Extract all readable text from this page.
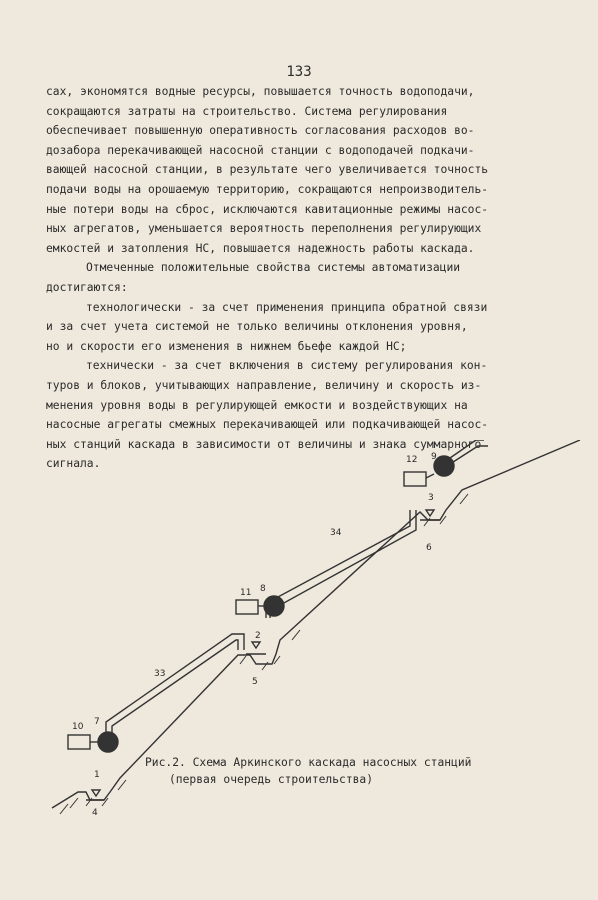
133
сах, экономятся водные ресурсы, повышается точность водоподачи,
сокращаются затраты на строительство. Система регулирования
обеспечивает повышенную оперативность согласования расходов во-
дозабора перекачивающей насосной станции с водоподачей подкачи-
вающей насосной станции, в результате чего увеличивается точность
подачи воды на орошаемую территорию, сокращаются непроизводитель-
ные потери воды на сброс, исключаются кавитационные режимы насос-
ных агрегатов, уменьшается вероятность переполнения регулирующих
емкостей и затопления НС, повышается надежность работы каскада.
Отмеченные положительные свойства системы автоматизации
достигаются:
технологически - за счет применения принципа обратной связи
и за счет учета системой не только величины отклонения уровня,
но и скорости его изменения в нижнем бьефе каждой НС;
технически - за счет включения в систему регулирования кон-
туров и блоков, учитывающих направление, величину и скорость из-
менения уровня воды в регулирующей емкости и воздействующих на
насосные агрегаты смежных перекачивающей или подкачивающей насос-
ных станций каскада в зависимости от величины и знака суммарного
сигнала.
1
2
3
4
5
6
7
8
9
10
11
12
33
34
Рис.2. Схема Аркинского каскада насосных станций
(первая очередь строительства)
